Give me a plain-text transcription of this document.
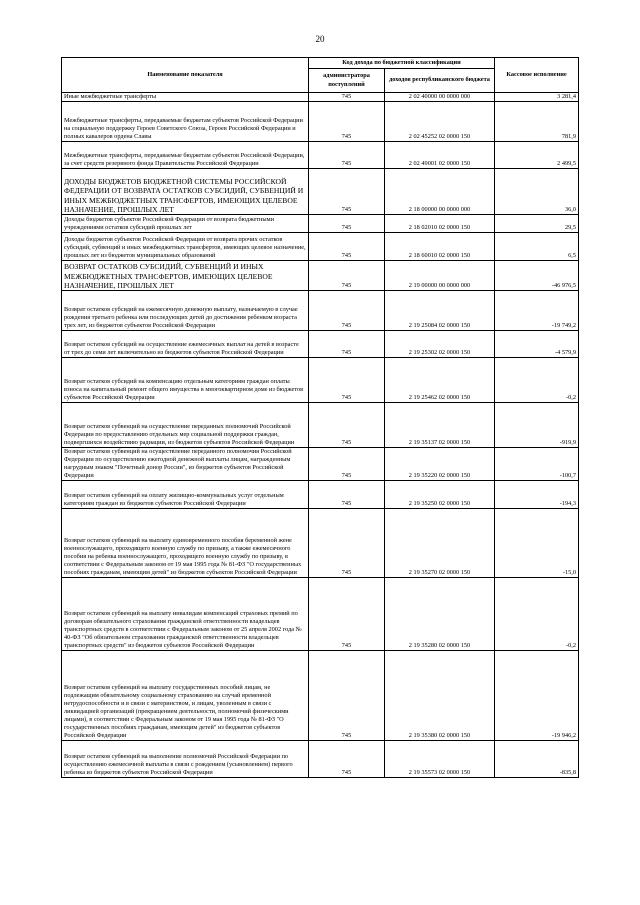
20
Наименование показателя	Код дохода по бюджетной классификации		Кассовое исполнение
	администратора поступлений	доходов республиканского бюджета	
Иные межбюджетные трансферты	745	2 02 40000 00 0000 000	3 281,4
Межбюджетные трансферты, передаваемые бюджетам субъектов Российской Федерации на социальную поддержку Героев Советского Союза, Героев Российской Федерации и полных кавалеров ордена Славы	745	2 02 45252 02 0000 150	781,9
Межбюджетные трансферты, передаваемые бюджетам субъектов Российской Федерации, за счет средств резервного фонда Правительства Российской Федерации	745	2 02 49001 02 0000 150	2 499,5
ДОХОДЫ БЮДЖЕТОВ БЮДЖЕТНОЙ СИСТЕМЫ РОССИЙСКОЙ ФЕДЕРАЦИИ ОТ ВОЗВРАТА ОСТАТКОВ СУБСИДИЙ, СУБВЕНЦИЙ И ИНЫХ МЕЖБЮДЖЕТНЫХ ТРАНСФЕРТОВ, ИМЕЮЩИХ ЦЕЛЕВОЕ НАЗНАЧЕНИЕ, ПРОШЛЫХ ЛЕТ	745	2 18 00000 00 0000 000	36,0
Доходы бюджетов субъектов Российской Федерации от возврата бюджетными учреждениями остатков субсидий прошлых лет	745	2 18 02010 02 0000 150	29,5
Доходы бюджетов субъектов Российской Федерации от возврата прочих остатков субсидий, субвенций и иных межбюджетных трансфертов, имеющих целевое назначение, прошлых лет из бюджетов муниципальных образований	745	2 18 60010 02 0000 150	6,5
ВОЗВРАТ ОСТАТКОВ СУБСИДИЙ, СУБВЕНЦИЙ И ИНЫХ МЕЖБЮДЖЕТНЫХ ТРАНСФЕРТОВ, ИМЕЮЩИХ ЦЕЛЕВОЕ НАЗНАЧЕНИЕ, ПРОШЛЫХ ЛЕТ	745	2 19 00000 00 0000 000	-46 976,5
Возврат остатков субсидий на ежемесячную денежную выплату, назначаемую в случае рождения третьего ребенка или последующих детей до достижения ребенком возраста трех лет, из бюджетов субъектов Российской Федерации	745	2 19 25084 02 0000 150	-19 749,2
Возврат остатков субсидий на осуществление ежемесячных выплат на детей в возрасте от трех до семи лет включительно из бюджетов субъектов Российской Федерации	745	2 19 25302 02 0000 150	-4 579,9
Возврат остатков субсидий на компенсацию отдельным категориям граждан оплаты взноса на капитальный ремонт общего имущества в многоквартирном доме из бюджетов субъектов Российской Федерации	745	2 19 25462 02 0000 150	-0,2
Возврат остатков субвенций на осуществление переданных полномочий Российской Федерации по предоставлению отдельных мер социальной поддержки граждан, подвергшихся воздействию радиации, из бюджетов субъектов Российской Федерации	745	2 19 35137 02 0000 150	-919,9
Возврат остатков субвенций на осуществление переданного полномочия Российской Федерации по осуществлению ежегодной денежной выплаты лицам, награжденным нагрудным знаком "Почетный донор России", из бюджетов субъектов Российской Федерации	745	2 19 35220 02 0000 150	-100,7
Возврат остатков субвенций на оплату жилищно-коммунальных услуг отдельным категориям граждан из бюджетов субъектов Российской Федерации	745	2 19 35250 02 0000 150	-194,3
Возврат остатков субвенций на выплату единовременного пособия беременной жене военнослужащего, проходящего военную службу по призыву, а также ежемесячного пособия на ребенка военнослужащего, проходящего военную службу по призыву, в соответствии с Федеральным законом от 19 мая 1995 года № 81-ФЗ "О государственных пособиях гражданам, имеющим детей" из бюджетов субъектов Российской Федерации	745	2 19 35270 02 0000 150	-15,0
Возврат остатков субвенций на выплату инвалидам компенсаций страховых премий по договорам обязательного страхования гражданской ответственности владельцев транспортных средств в соответствии с Федеральным законом от 25 апреля 2002 года № 40-ФЗ "Об обязательном страховании гражданской ответственности владельцев транспортных средств" из бюджетов субъектов Российской Федерации	745	2 19 35280 02 0000 150	-0,2
Возврат остатков субвенций на выплату государственных пособий лицам, не подлежащим обязательному социальному страхованию на случай временной нетрудоспособности и в связи с материнством, и лицам, уволенным в связи с ликвидацией организаций (прекращением деятельности, полномочий физическими лицами), в соответствии с Федеральным законом от 19 мая 1995 года № 81-ФЗ "О государственных пособиях гражданам, имеющим детей" из бюджетов субъектов Российской Федерации	745	2 19 35380 02 0000 150	-19 946,2
Возврат остатков субвенций на выполнение полномочий Российской Федерации по осуществлению ежемесячной выплаты в связи с рождением (усыновлением) первого ребенка из бюджетов субъектов Российской Федерации	745	2 19 35573 02 0000 150	-835,8
